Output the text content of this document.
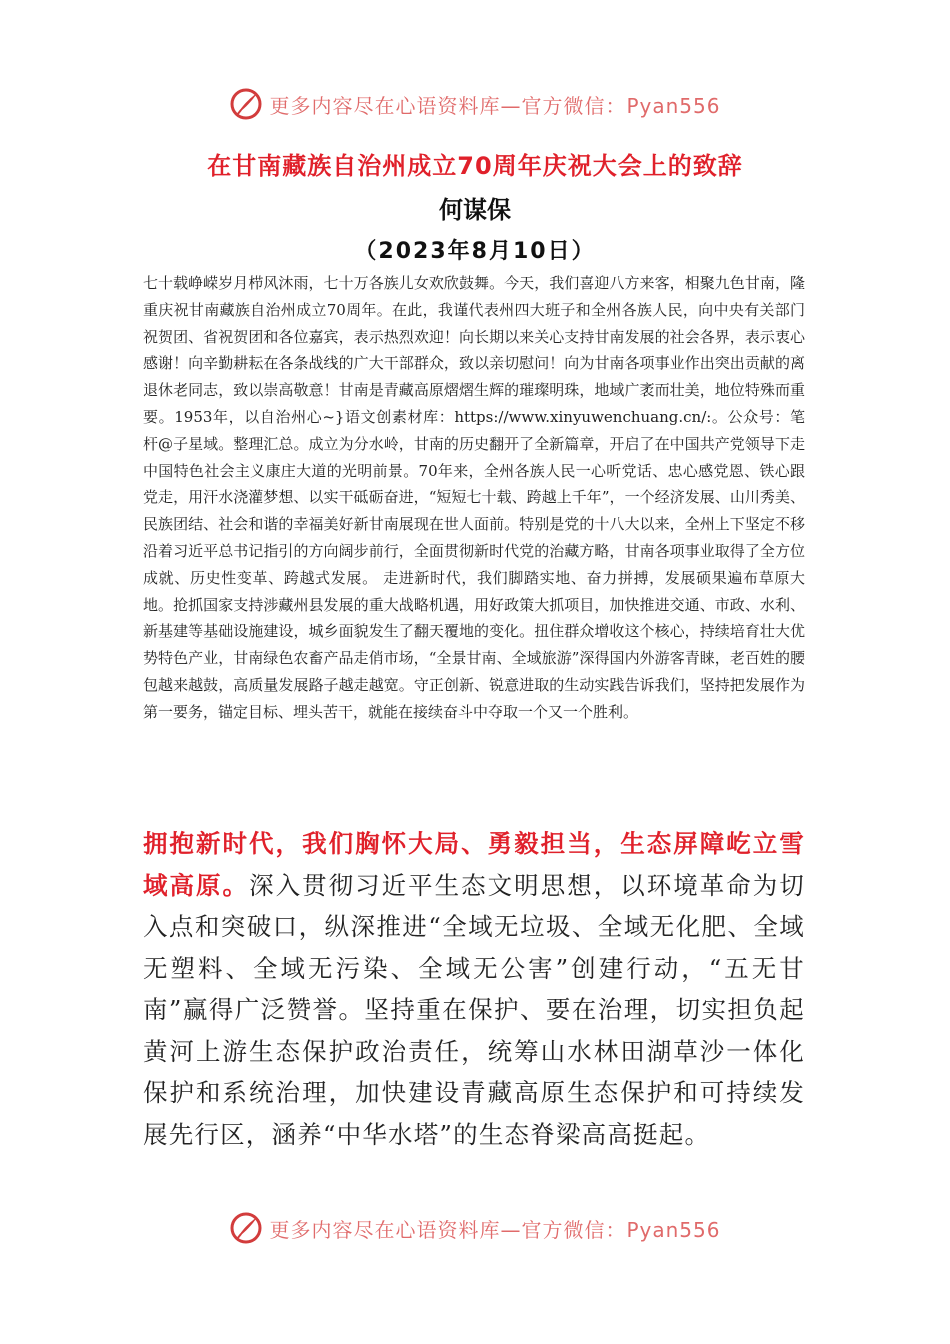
更多内容尽在心语资料库—官方微信：Pyan556
在甘南藏族自治州成立70周年庆祝大会上的致辞
何谋保
（2023年8月10日）

七十载峥嵘岁月栉风沐雨，七十万各族儿女欢欣鼓舞。今天，我们喜迎八方来客，相聚九色甘南，隆重庆祝甘南藏族自治州成立70周年。在此，我谨代表州四大班子和全州各族人民，向中央有关部门祝贺团、省祝贺团和各位嘉宾，表示热烈欢迎！向长期以来关心支持甘南发展的社会各界，表示衷心感谢！向辛勤耕耘在各条战线的广大干部群众，致以亲切慰问！向为甘南各项事业作出突出贡献的离退休老同志，致以崇高敬意！甘南是青藏高原熠熠生辉的璀璨明珠，地域广袤而壮美，地位特殊而重要。1953年，以自治州心~}语文创素材库：https://www.xinyuwenchuang.cn/:。公众号：笔杆@子星域。整理汇总。成立为分水岭，甘南的历史翻开了全新篇章，开启了在中国共产党领导下走中国特色社会主义康庄大道的光明前景。70年来，全州各族人民一心听党话、忠心感党恩、铁心跟党走，用汗水浇灌梦想、以实干砥砺奋进，“短短七十载、跨越上千年”，一个经济发展、山川秀美、民族团结、社会和谐的幸福美好新甘南展现在世人面前。特别是党的十八大以来，全州上下坚定不移沿着习近平总书记指引的方向阔步前行，全面贯彻新时代党的治藏方略，甘南各项事业取得了全方位成就、历史性变革、跨越式发展。 走进新时代，我们脚踏实地、奋力拼搏，发展硕果遍布草原大地。抢抓国家支持涉藏州县发展的重大战略机遇，用好政策大抓项目，加快推进交通、市政、水利、新基建等基础设施建设，城乡面貌发生了翻天覆地的变化。扭住群众增收这个核心，持续培育壮大优势特色产业，甘南绿色农畜产品走俏市场，“全景甘南、全域旅游”深得国内外游客青睐，老百姓的腰包越来越鼓，高质量发展路子越走越宽。守正创新、锐意进取的生动实践告诉我们，坚持把发展作为第一要务，锚定目标、埋头苦干，就能在接续奋斗中夺取一个又一个胜利。

拥抱新时代，我们胸怀大局、勇毅担当，生态屏障屹立雪域高原。深入贯彻习近平生态文明思想，以环境革命为切入点和突破口，纵深推进“全域无垃圾、全域无化肥、全域无塑料、全域无污染、全域无公害”创建行动，“五无甘南”赢得广泛赞誉。坚持重在保护、要在治理，切实担负起黄河上游生态保护政治责任，统筹山水林田湖草沙一体化保护和系统治理，加快建设青藏高原生态保护和可持续发展先行区，涵养“中华水塔”的生态脊梁高高挺起。

更多内容尽在心语资料库—官方微信：Pyan556
